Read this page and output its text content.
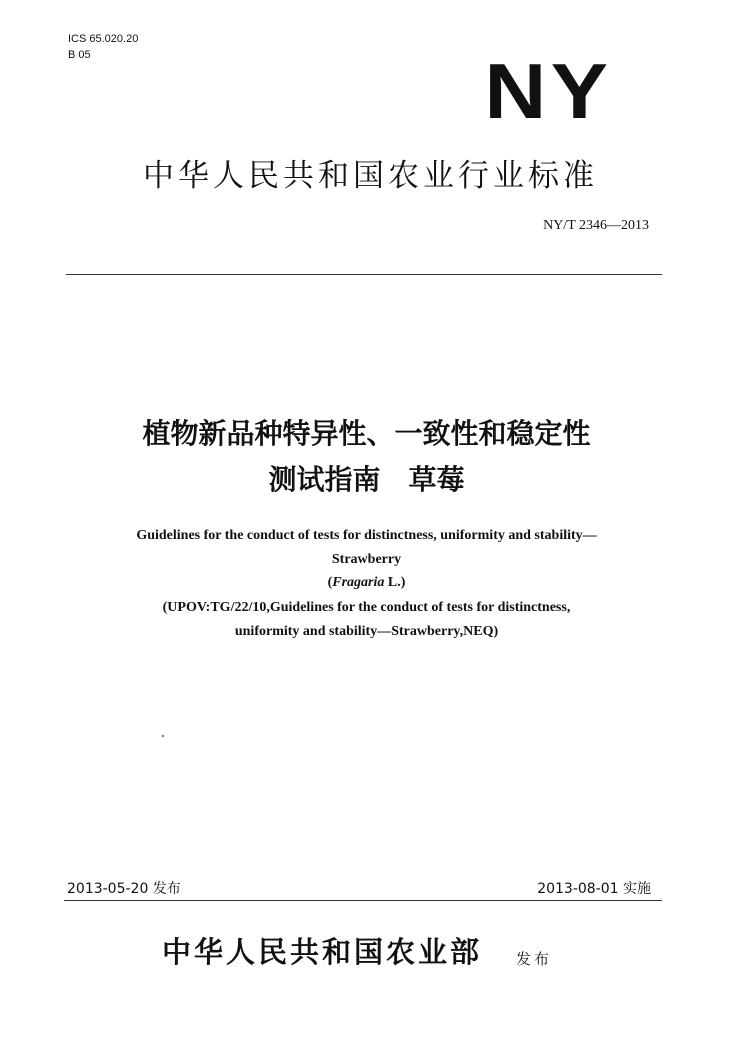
ICS 65.020.20
B 05	NY
中华人民共和国农业行业标准
NY/T 2346—2013
植物新品种特异性、一致性和稳定性
测试指南　草莓
Guidelines for the conduct of tests for distinctness, uniformity and stability—
Strawberry
(Fragaria L.)
(UPOV:TG/22/10,Guidelines for the conduct of tests for distinctness,
uniformity and stability—Strawberry,NEQ)
2013-05-20 发布	2013-08-01 实施
中华人民共和国农业部 发布
